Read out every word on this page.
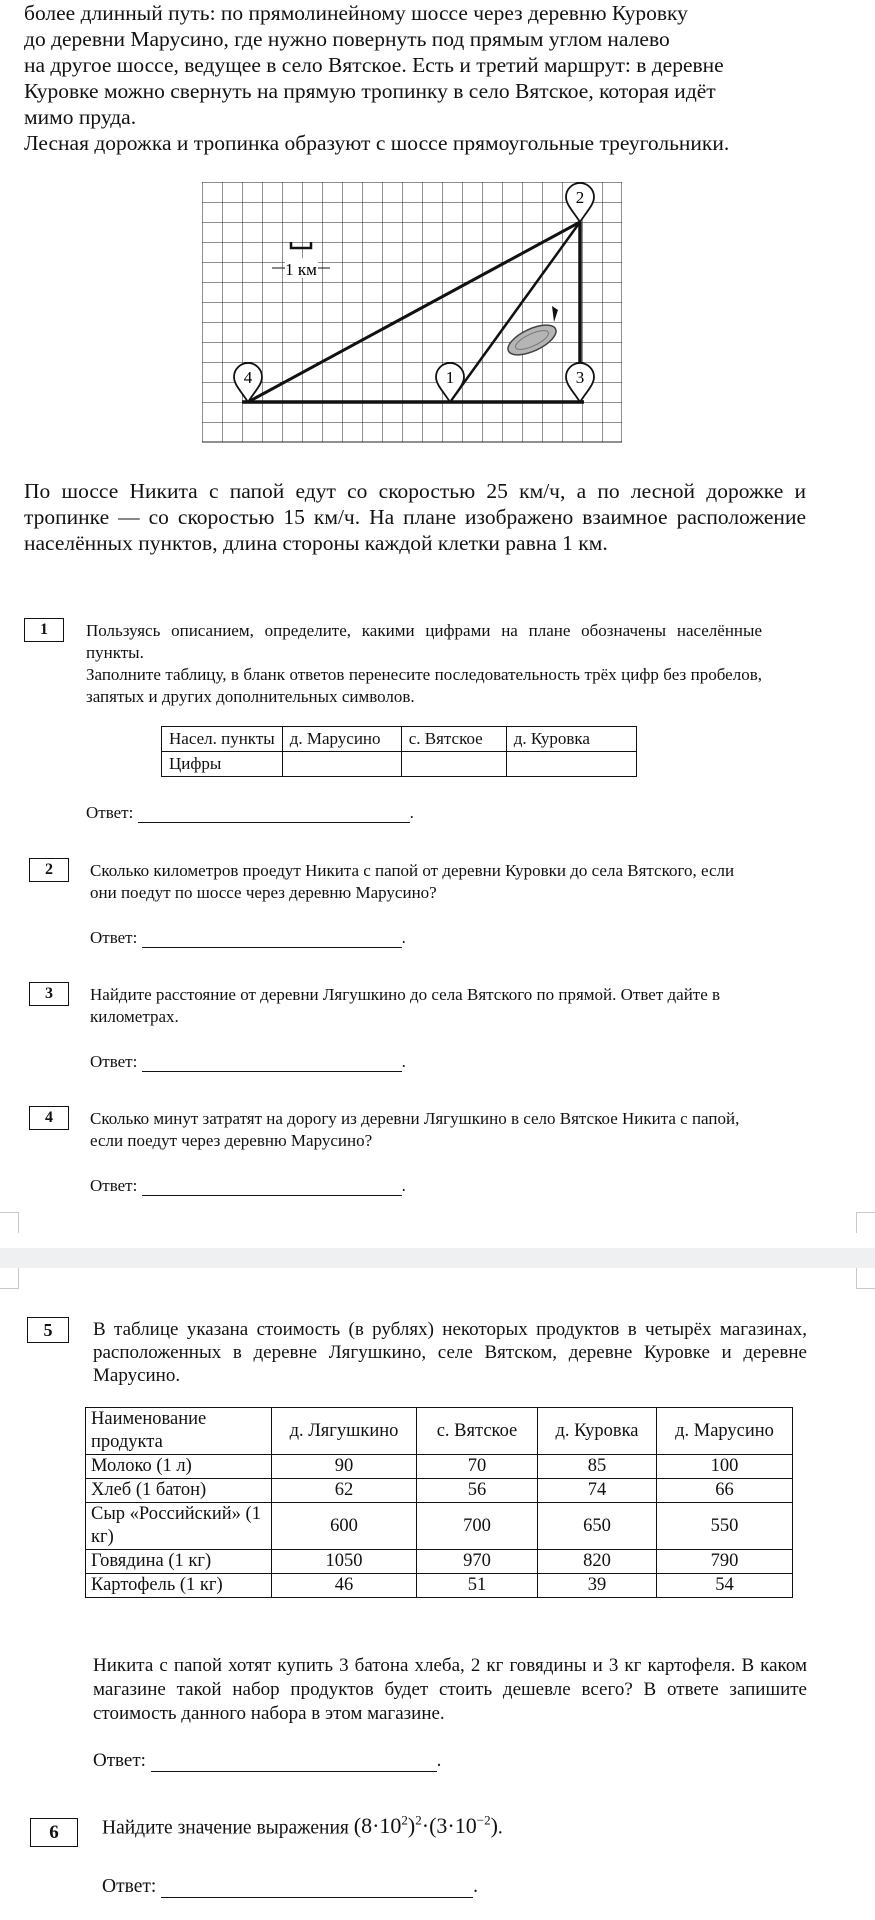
более длинный путь: по прямолинейному шоссе через деревню Куровку

до деревни Марусино, где нужно повернуть под прямым углом налево

на другое шоссе, ведущее в село Вятское. Есть и третий маршрут: в деревне

Куровке можно свернуть на прямую тропинку в село Вятское, которая идёт

мимо пруда.

Лесная дорожка и тропинка образуют с шоссе прямоугольные треугольники.

1 км
4	1
2
3
По шоссе Никита с папой едут со скоростью 25 км/ч, а по лесной дорожке и тропинке — со скоростью 15 км/ч. На плане изображено взаимное расположение населённых пунктов, длина стороны каждой клетки равна 1 км.
1	Пользуясь описанием, определите, какими цифрами на плане обозначены населённые пункты.

Заполните таблицу, в бланк ответов перенесите последовательность трёх цифр без пробелов, запятых и других дополнительных символов.

Насел. пункты	д. Марусино	с. Вятское	д. Куровка
Цифры			
Ответ:	.
2	Сколько километров проедут Никита с папой от деревни Куровки до села Вятского, если они поедут по шоссе через деревню Марусино?
Ответ:	.
3	Найдите расстояние от деревни Лягушкино до села Вятского по прямой. Ответ дайте в километрах.
Ответ:	.
4	Сколько минут затратят на дорогу из деревни Лягушкино в село Вятское Никита с папой, если поедут через деревню Марусино?
Ответ:	.
5	В таблице указана стоимость (в рублях) некоторых продуктов в четырёх магазинах, расположенных в деревне Лягушкино, селе Вятском, деревне Куровке и деревне Марусино.
Наименование продукта	д. Лягушкино	с. Вятское	д. Куровка	д. Марусино
Молоко (1 л)	90	70	85	100
Хлеб (1 батон)	62	56	74	66
Сыр «Российский» (1 кг)	600	700	650	550
Говядина (1 кг)	1050	970	820	790
Картофель (1 кг)	46	51	39	54
Никита с папой хотят купить 3 батона хлеба, 2 кг говядины и 3 кг картофеля. В каком магазине такой набор продуктов будет стоить дешевле всего? В ответе запишите стоимость данного набора в этом магазине.
Ответ:	.
6	Найдите значение выражения $(8\cdot 10^2)^2\cdot(3\cdot 10^{-2})$.
Ответ:	.
